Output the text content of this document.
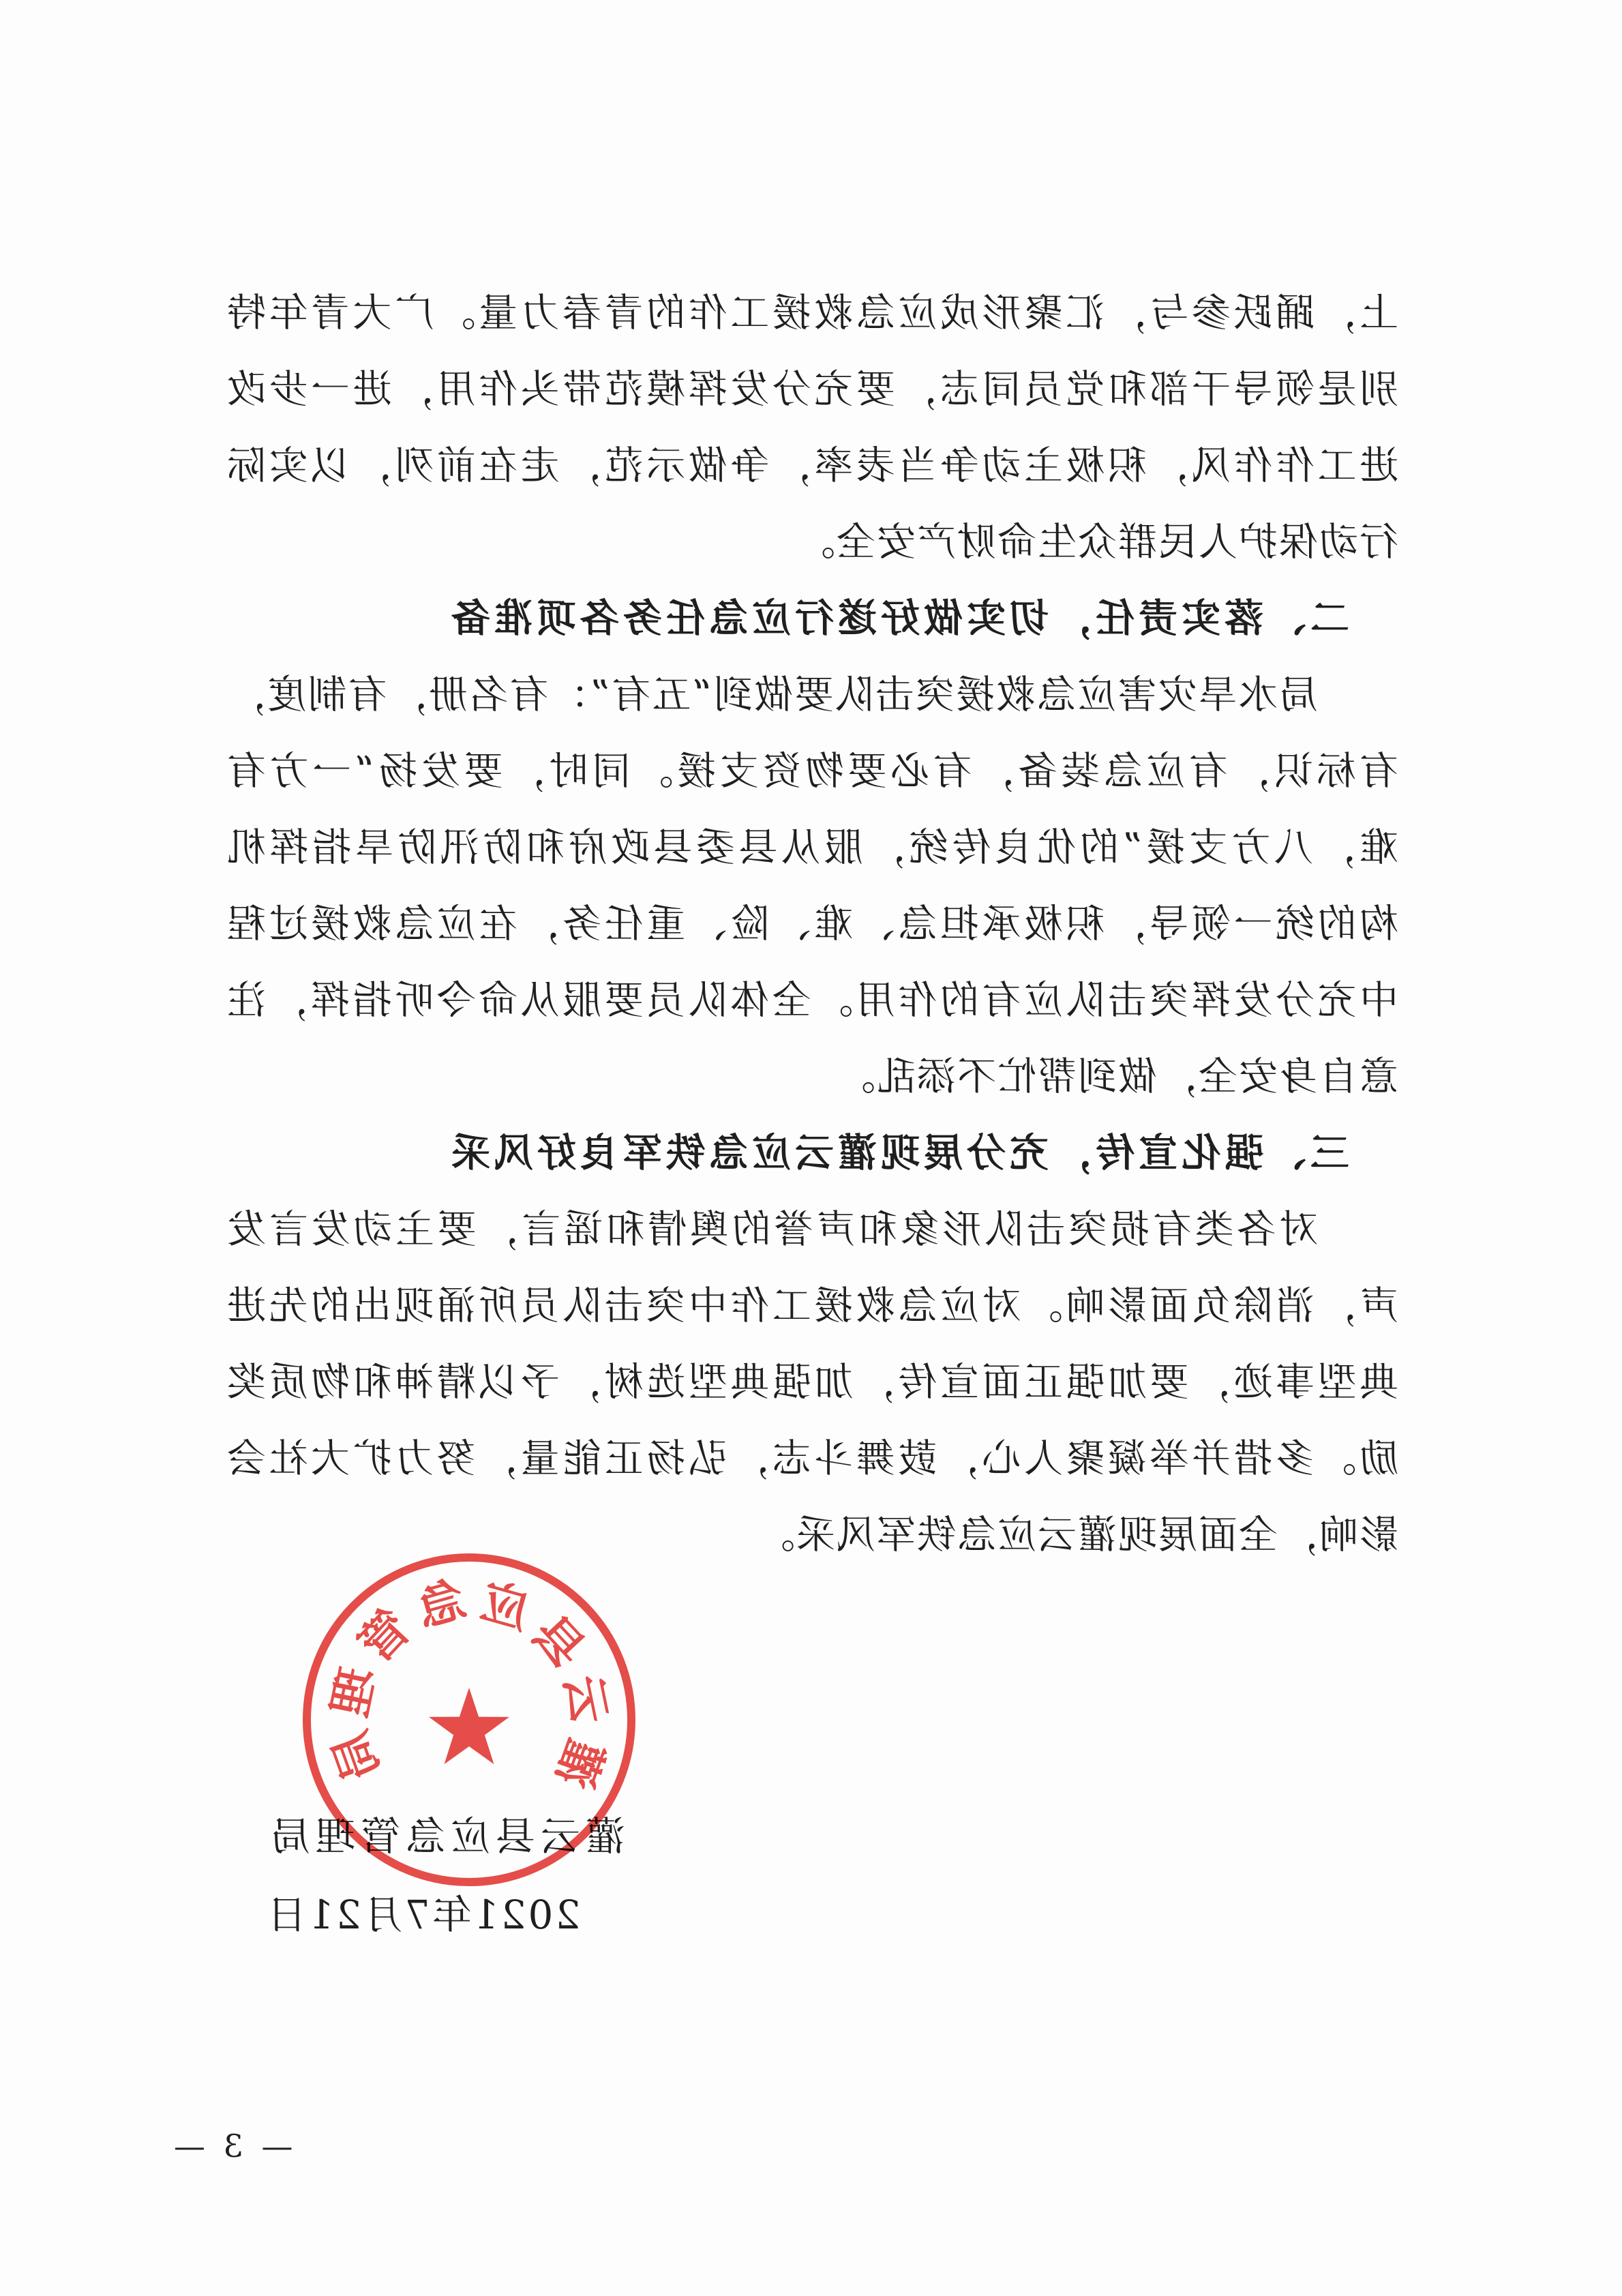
上，踊跃参与，汇聚形成应急救援工作的青春力量。广大青年特
别是领导干部和党员同志，要充分发挥模范带头作用，进一步改
进工作作风，积极主动争当表率，争做示范，走在前列，以实际
行动保护人民群众生命财产安全。
二、落实责任，切实做好遂行应急任务各项准备
局水旱灾害应急救援突击队要做到“五有”：有名册，有制度，
有标识，有应急装备，有必要物资支援。同时，要发扬“一方有
难，八方支援”的优良传统，服从县委县政府和防汛防旱指挥机
构的统一领导，积极承担急、难、险、重任务，在应急救援过程
中充分发挥突击队应有的作用。全体队员要服从命令听指挥，注
意自身安全，做到帮忙不添乱。
三、强化宣传，充分展现灌云应急铁军良好风采
对各类有损突击队形象和声誉的舆情和谣言，要主动发言发
声，消除负面影响。对应急救援工作中突击队员所涌现出的先进
典型事迹，要加强正面宣传，加强典型选树，予以精神和物质奖
励。多措并举凝聚人心，鼓舞斗志，弘扬正能量，努力扩大社会
影响，全面展现灌云应急铁军风采。
灌云县应急管理局
2021年7月21日
灌云县应急管理局
— 3 —
